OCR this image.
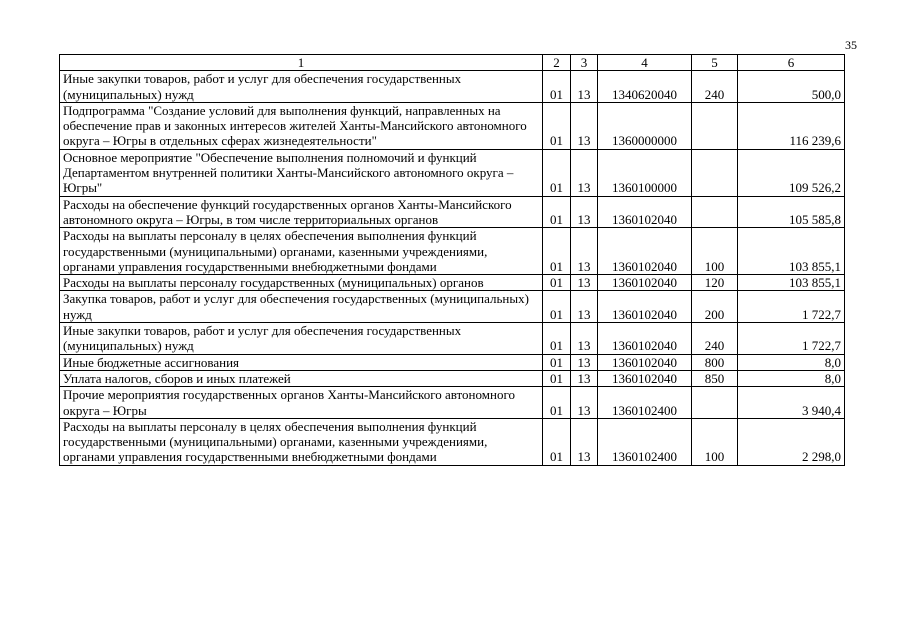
35
1	2	3	4	5	6
Иные закупки товаров, работ и услуг для обеспечения государственных (муниципальных) нужд	01	13	1340620040	240	500,0
Подпрограмма "Создание условий для выполнения функций, направленных на обеспечение прав и законных интересов жителей Ханты-Мансийского автономного округа – Югры в отдельных сферах жизнедеятельности"	01	13	1360000000		116 239,6
Основное мероприятие "Обеспечение выполнения полномочий и функций Департаментом внутренней политики Ханты-Мансийского автономного округа – Югры"	01	13	1360100000		109 526,2
Расходы на обеспечение функций государственных органов Ханты-Мансийского автономного округа – Югры, в том числе территориальных органов	01	13	1360102040		105 585,8
Расходы на выплаты персоналу в целях обеспечения выполнения функций государственными (муниципальными) органами, казенными учреждениями, органами управления государственными внебюджетными фондами	01	13	1360102040	100	103 855,1
Расходы на выплаты персоналу государственных (муниципальных) органов	01	13	1360102040	120	103 855,1
Закупка товаров, работ и услуг для обеспечения государственных (муниципальных) нужд	01	13	1360102040	200	1 722,7
Иные закупки товаров, работ и услуг для обеспечения государственных (муниципальных) нужд	01	13	1360102040	240	1 722,7
Иные бюджетные ассигнования	01	13	1360102040	800	8,0
Уплата налогов, сборов и иных платежей	01	13	1360102040	850	8,0
Прочие мероприятия государственных органов Ханты-Мансийского автономного округа – Югры	01	13	1360102400		3 940,4
Расходы на выплаты персоналу в целях обеспечения выполнения функций государственными (муниципальными) органами, казенными учреждениями, органами управления государственными внебюджетными фондами	01	13	1360102400	100	2 298,0
